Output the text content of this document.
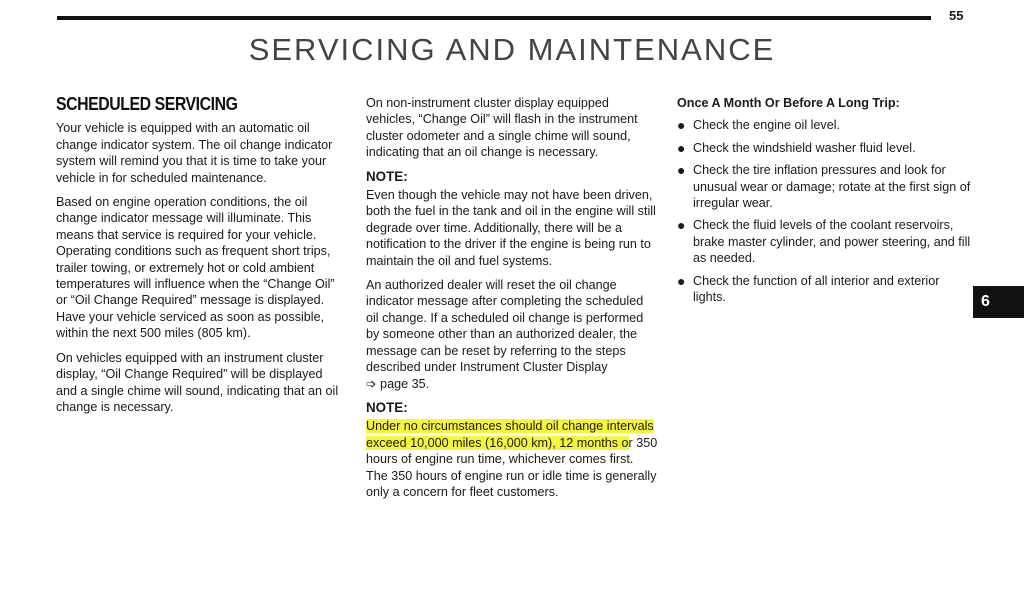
55
SERVICING AND MAINTENANCE
SCHEDULED SERVICING

Your vehicle is equipped with an automatic oil change indicator system. The oil change indicator system will remind you that it is time to take your vehicle in for scheduled maintenance.

Based on engine operation conditions, the oil change indicator message will illuminate. This means that service is required for your vehicle. Operating conditions such as frequent short trips, trailer towing, or extremely hot or cold ambient temperatures will influence when the “Change Oil” or “Oil Change Required” message is displayed. Have your vehicle serviced as soon as possible, within the next 500 miles (805 km).

On vehicles equipped with an instrument cluster display, “Oil Change Required” will be displayed and a single chime will sound, indicating that an oil change is necessary.

On non-instrument cluster display equipped vehicles, “Change Oil” will flash in the instrument cluster odometer and a single chime will sound, indicating that an oil change is necessary.

NOTE:

Even though the vehicle may not have been driven, both the fuel in the tank and oil in the engine will still degrade over time. Additionally, there will be a notification to the driver if the engine is being run to maintain the oil and fuel systems.

An authorized dealer will reset the oil change indicator message after completing the scheduled oil change. If a scheduled oil change is performed by someone other than an authorized dealer, the message can be reset by referring to the steps described under Instrument Cluster Display
➩ page 35.

NOTE:

Under no circumstances should oil change intervals exceed 10,000 miles (16,000 km), 12 months or 350 hours of engine run time, whichever comes first. The 350 hours of engine run or idle time is generally only a concern for fleet customers.

Once A Month Or Before A Long Trip:
● Check the engine oil level.
● Check the windshield washer fluid level.
● Check the tire inflation pressures and look for unusual wear or damage; rotate at the first sign of irregular wear.
● Check the fluid levels of the coolant reservoirs, brake master cylinder, and power steering, and fill as needed.
● Check the function of all interior and exterior lights.	6
